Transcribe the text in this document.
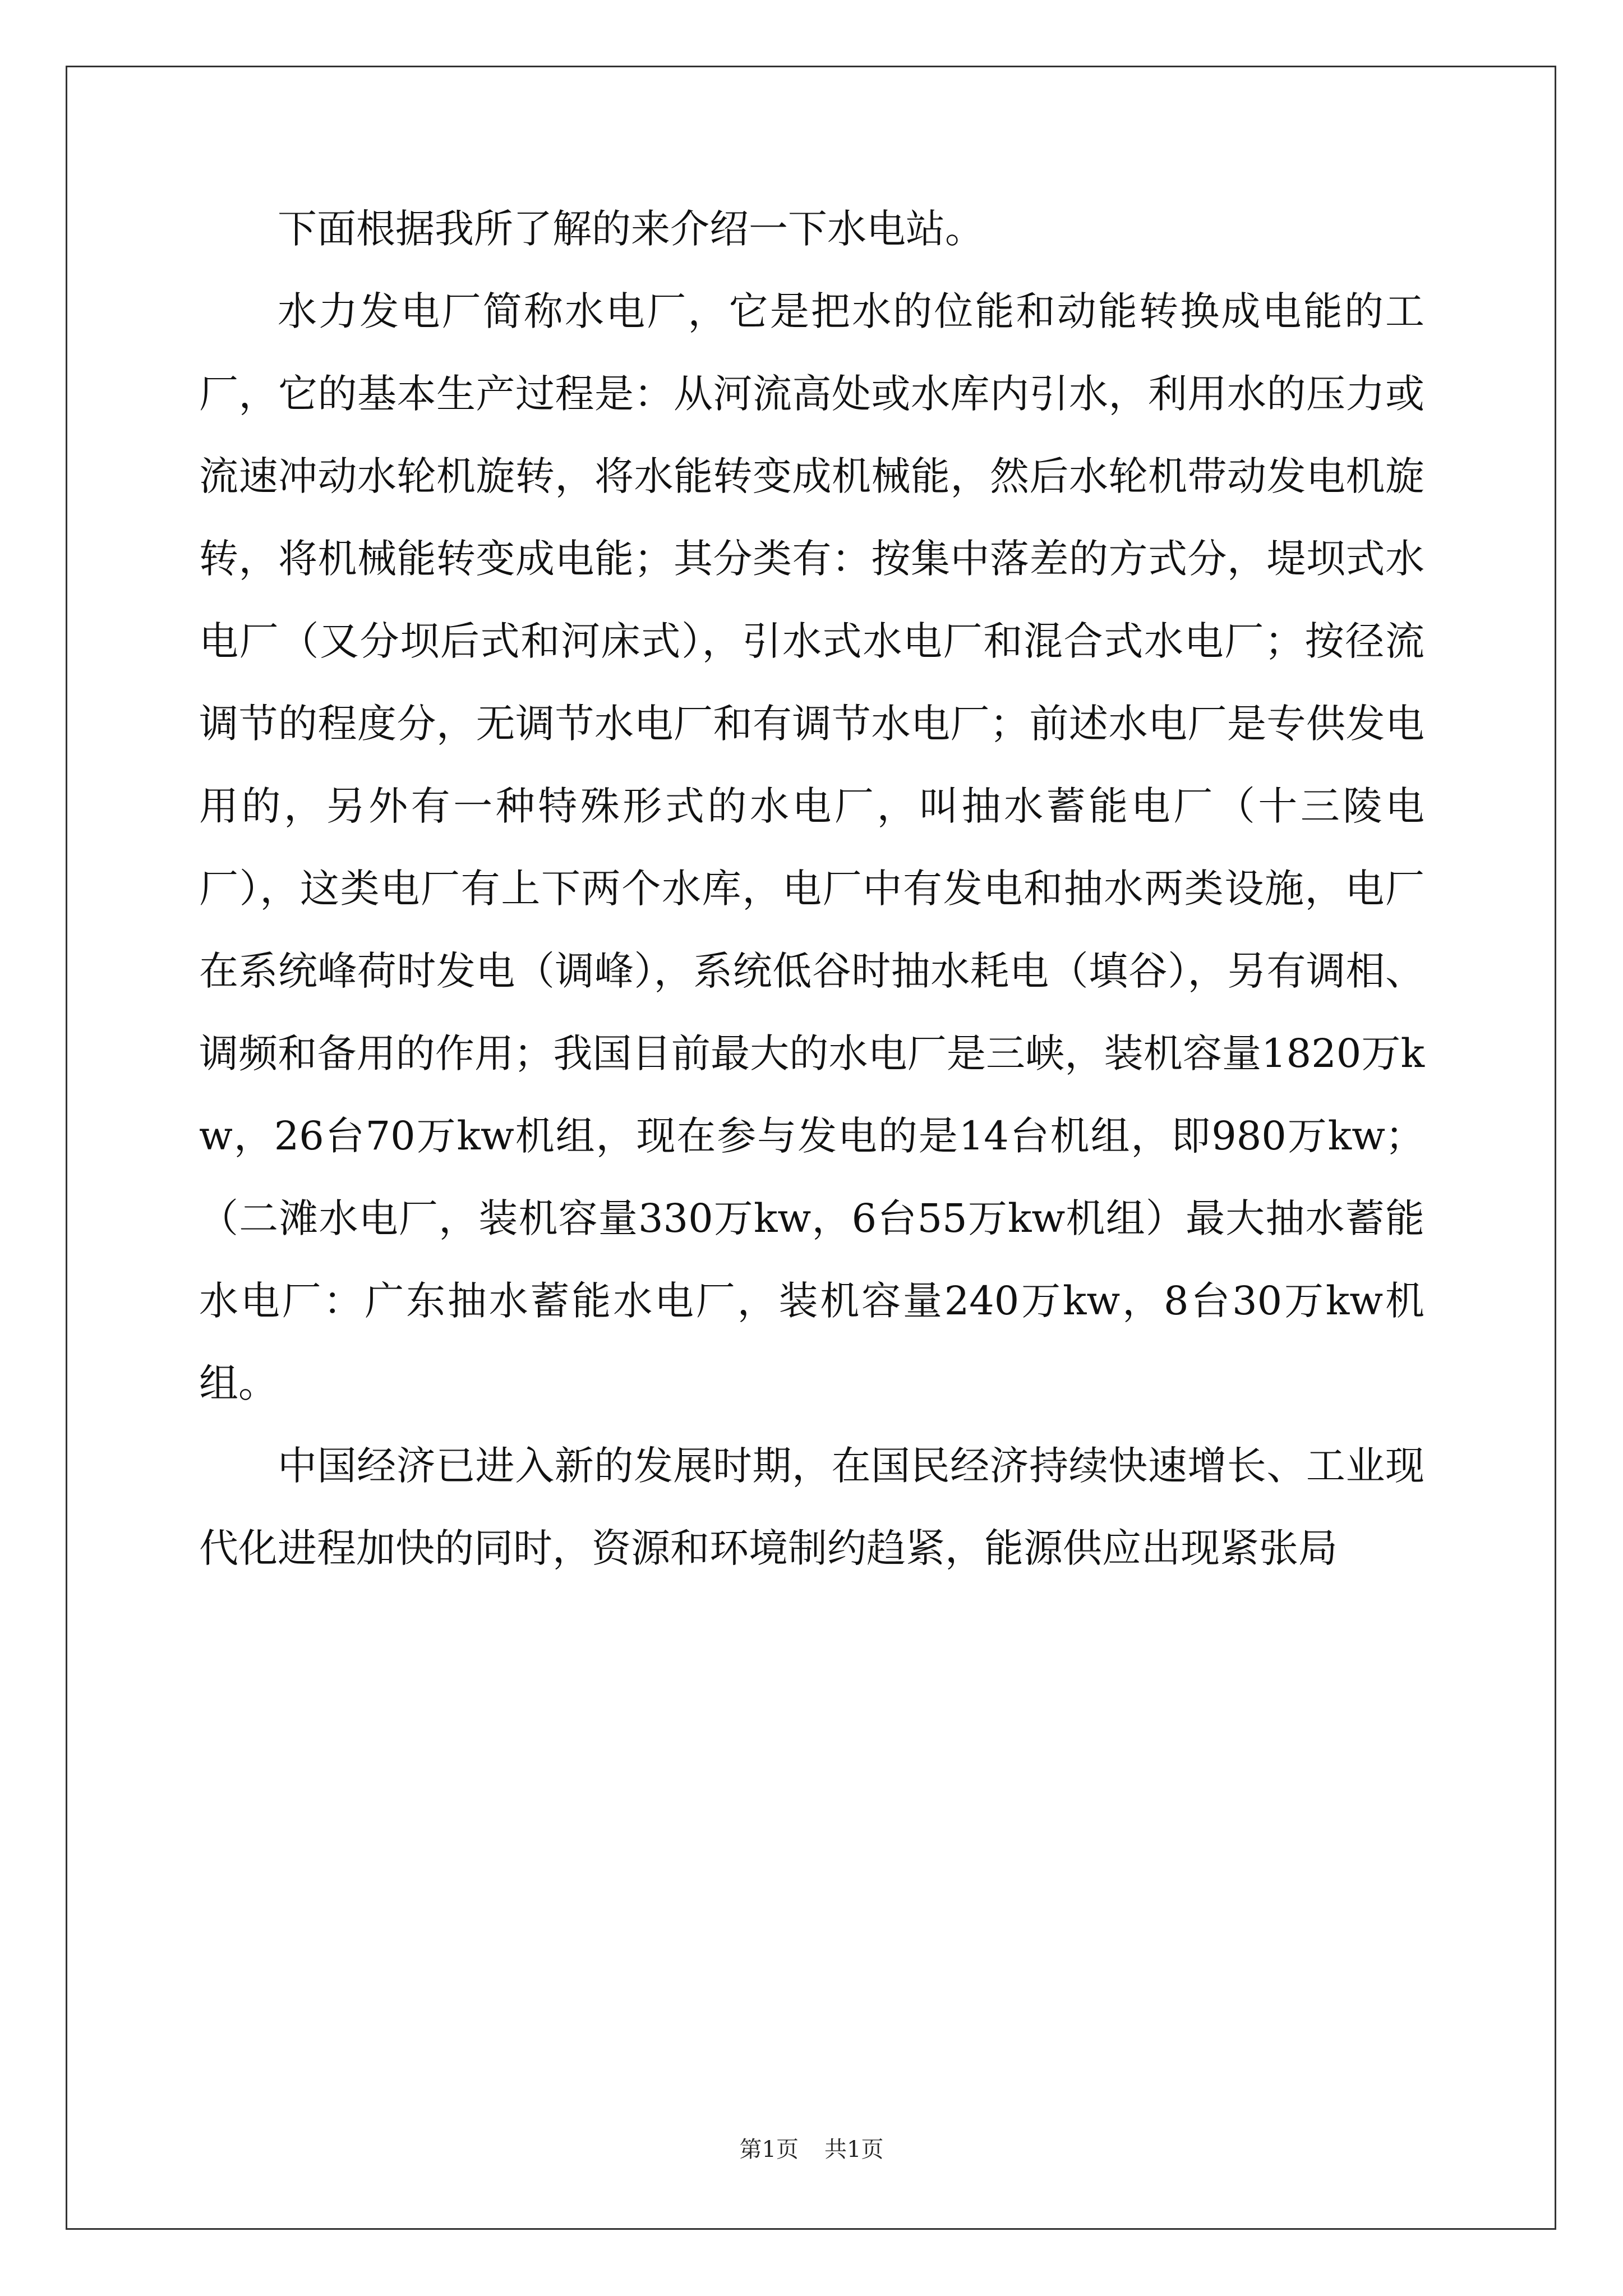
下面根据我所了解的来介绍一下水电站。

水力发电厂简称水电厂，它是把水的位能和动能转换成电能的工厂，它的基本生产过程是：从河流高处或水库内引水，利用水的压力或流速冲动水轮机旋转，将水能转变成机械能，然后水轮机带动发电机旋转，将机械能转变成电能；其分类有：按集中落差的方式分，堤坝式水电厂（又分坝后式和河床式），引水式水电厂和混合式水电厂；按径流调节的程度分，无调节水电厂和有调节水电厂；前述水电厂是专供发电用的，另外有一种特殊形式的水电厂，叫抽水蓄能电厂（十三陵电厂），这类电厂有上下两个水库，电厂中有发电和抽水两类设施，电厂在系统峰荷时发电（调峰），系统低谷时抽水耗电（填谷），另有调相、调频和备用的作用；我国目前最大的水电厂是三峡，装机容量1820万kw，26台70万kw机组，现在参与发电的是14台机组，即980万kw；（二滩水电厂，装机容量330万kw，6台55万kw机组）最大抽水蓄能水电厂：广东抽水蓄能水电厂，装机容量240万kw，8台30万kw机组。

中国经济已进入新的发展时期，在国民经济持续快速增长、工业现代化进程加快的同时，资源和环境制约趋紧，能源供应出现紧张局

第1页 共1页
